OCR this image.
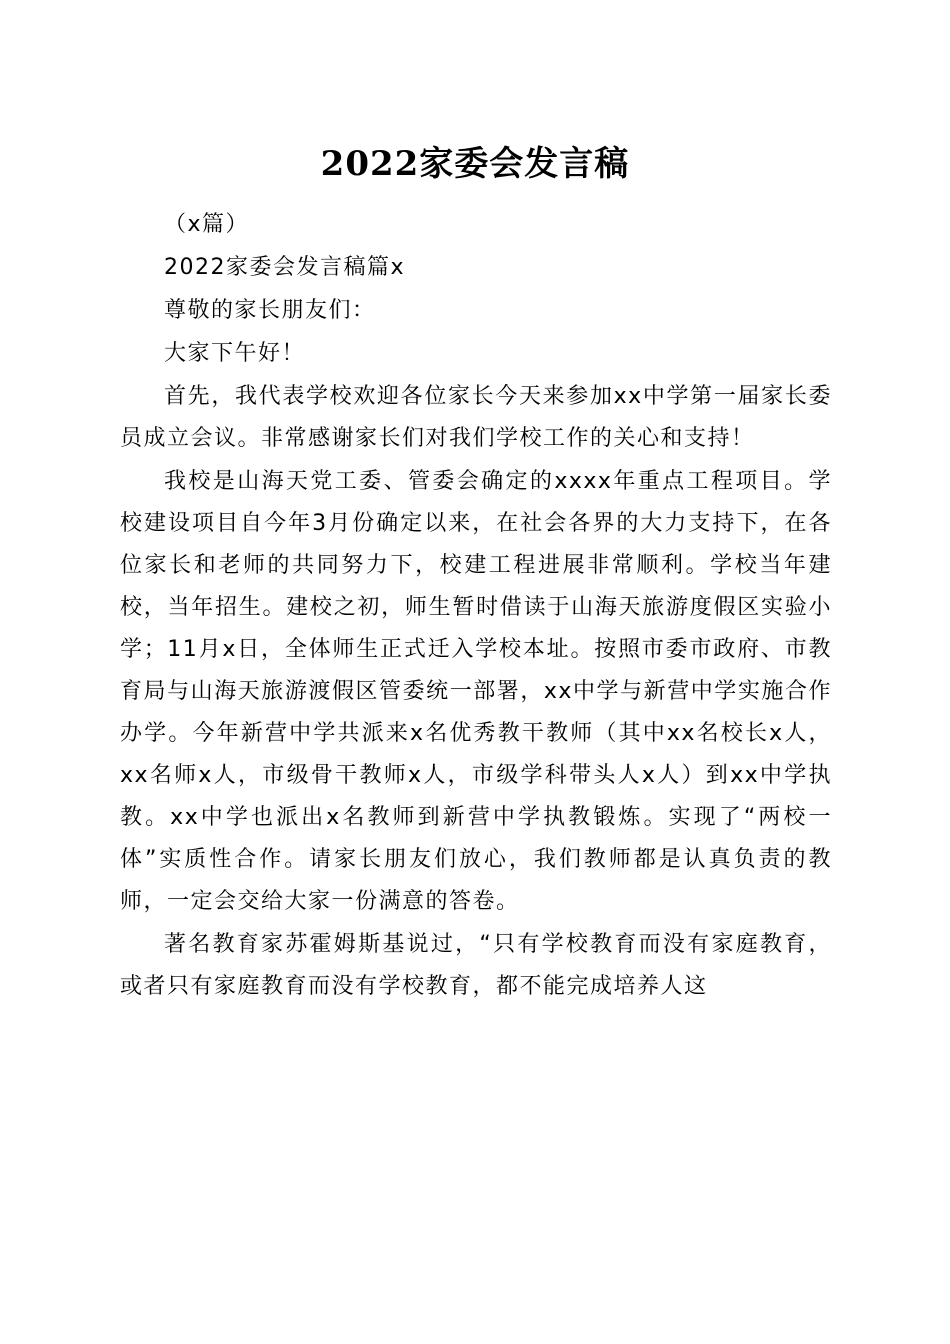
2022家委会发言稿

（x篇）

2022家委会发言稿篇x

尊敬的家长朋友们：

大家下午好！

首先，我代表学校欢迎各位家长今天来参加xx中学第一届家长委员成立会议。非常感谢家长们对我们学校工作的关心和支持！

我校是山海天党工委、管委会确定的xxxx年重点工程项目。学校建设项目自今年3月份确定以来，在社会各界的大力支持下，在各位家长和老师的共同努力下，校建工程进展非常顺利。学校当年建校，当年招生。建校之初，师生暂时借读于山海天旅游度假区实验小学；11月x日，全体师生正式迁入学校本址。按照市委市政府、市教育局与山海天旅游渡假区管委统一部署，xx中学与新营中学实施合作办学。今年新营中学共派来x名优秀教干教师（其中xx名校长x人，xx名师x人，市级骨干教师x人，市级学科带头人x人）到xx中学执教。xx中学也派出x名教师到新营中学执教锻炼。实现了“两校一体”实质性合作。请家长朋友们放心，我们教师都是认真负责的教师，一定会交给大家一份满意的答卷。

著名教育家苏霍姆斯基说过，“只有学校教育而没有家庭教育，或者只有家庭教育而没有学校教育，都不能完成培养人这
